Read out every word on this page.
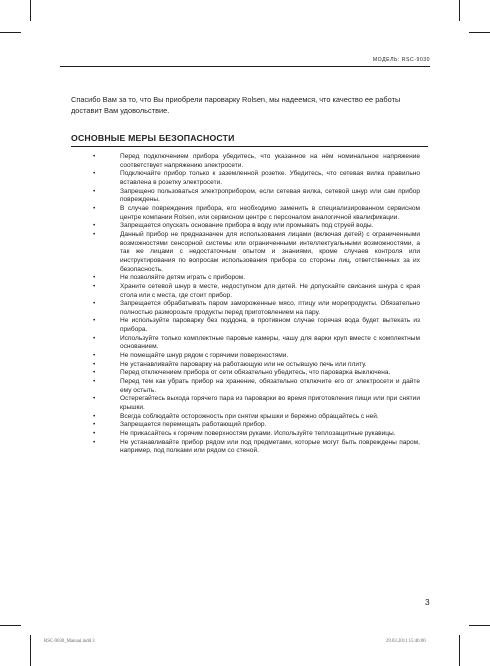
МОДЕЛЬ: RSC-9030

Спасибо Вам за то, что Вы приобрели пароварку Rolsen, мы надеемся, что качество ее работы доставит Вам удовольствие.

ОСНОВНЫЕ МЕРЫ БЕЗОПАСНОСТИ
•	Перед подключением прибора убедитесь, что указанное на нём номинальное напряжение соответствует напряжению электросети.
•	Подключайте прибор только к заземленной розетке. Убедитесь, что сетевая вилка правильно вставлена в розетку электросети.
•	Запрещено пользоваться электроприбором, если сетевая вилка, сетевой шнур или сам прибор повреждены.
•	В случае повреждения прибора, его необходимо заменить в специализированном сервисном центре компании Rolsen, или сервисном центре с персоналом аналогичной квалификации.
•	Запрещается опускать основание прибора в воду или промывать под струей воды.
•	Данный прибор не предназначен для использования лицами (включая детей) с ограниченными возможностями сенсорной системы или ограниченными интеллектуальными возможностями, а так же лицами с недостаточным опытом и знаниями, кроме случаев контроля или инструктирования по вопросам использования прибора со стороны лиц, ответственных за их безопасность.
•	Не позволяйте детям играть с прибором.
•	Храните сетевой шнур в месте, недоступном для детей. Не допускайте свисания шнура с края стола или с места, где стоит прибор.
•	Запрещается обрабатывать паром замороженные мясо, птицу или морепродукты. Обязательно полностью разморозьте продукты перед приготовлением на пару.
•	Не используйте пароварку без поддона, в противном случае горячая вода будет вытекать из прибора.
•	Используйте только комплектные паровые камеры, чашу для варки круп вместе с комплектным основанием.
•	Не помещайте шнур рядом с горячими поверхностями.
•	Не устанавливайте пароварку на работающую или не остывшую печь или плиту.
•	Перед отключением прибора от сети обязательно убедитесь, что пароварка выключена.
•	Перед тем как убрать прибор на хранение, обязательно отключите его от электросети и дайте ему остыть.
•	Остерегайтесь выхода горячего пара из пароварки во время приготовления пищи или при снятии крышки.
•	Всегда соблюдайте осторожность при снятии крышки и бережно обращайтесь с ней.
•	Запрещается перемещать работающий прибор.
•	Не прикасайтесь к горячим поверхностям руками. Используйте теплозащитные рукавицы.
•	Не устанавливайте прибор рядом или под предметами, которые могут быть повреждены паром, например, под полками или рядом со стеной.
3
RSC-9030_Manual.indd 3	29.03.2011 15:46:00
